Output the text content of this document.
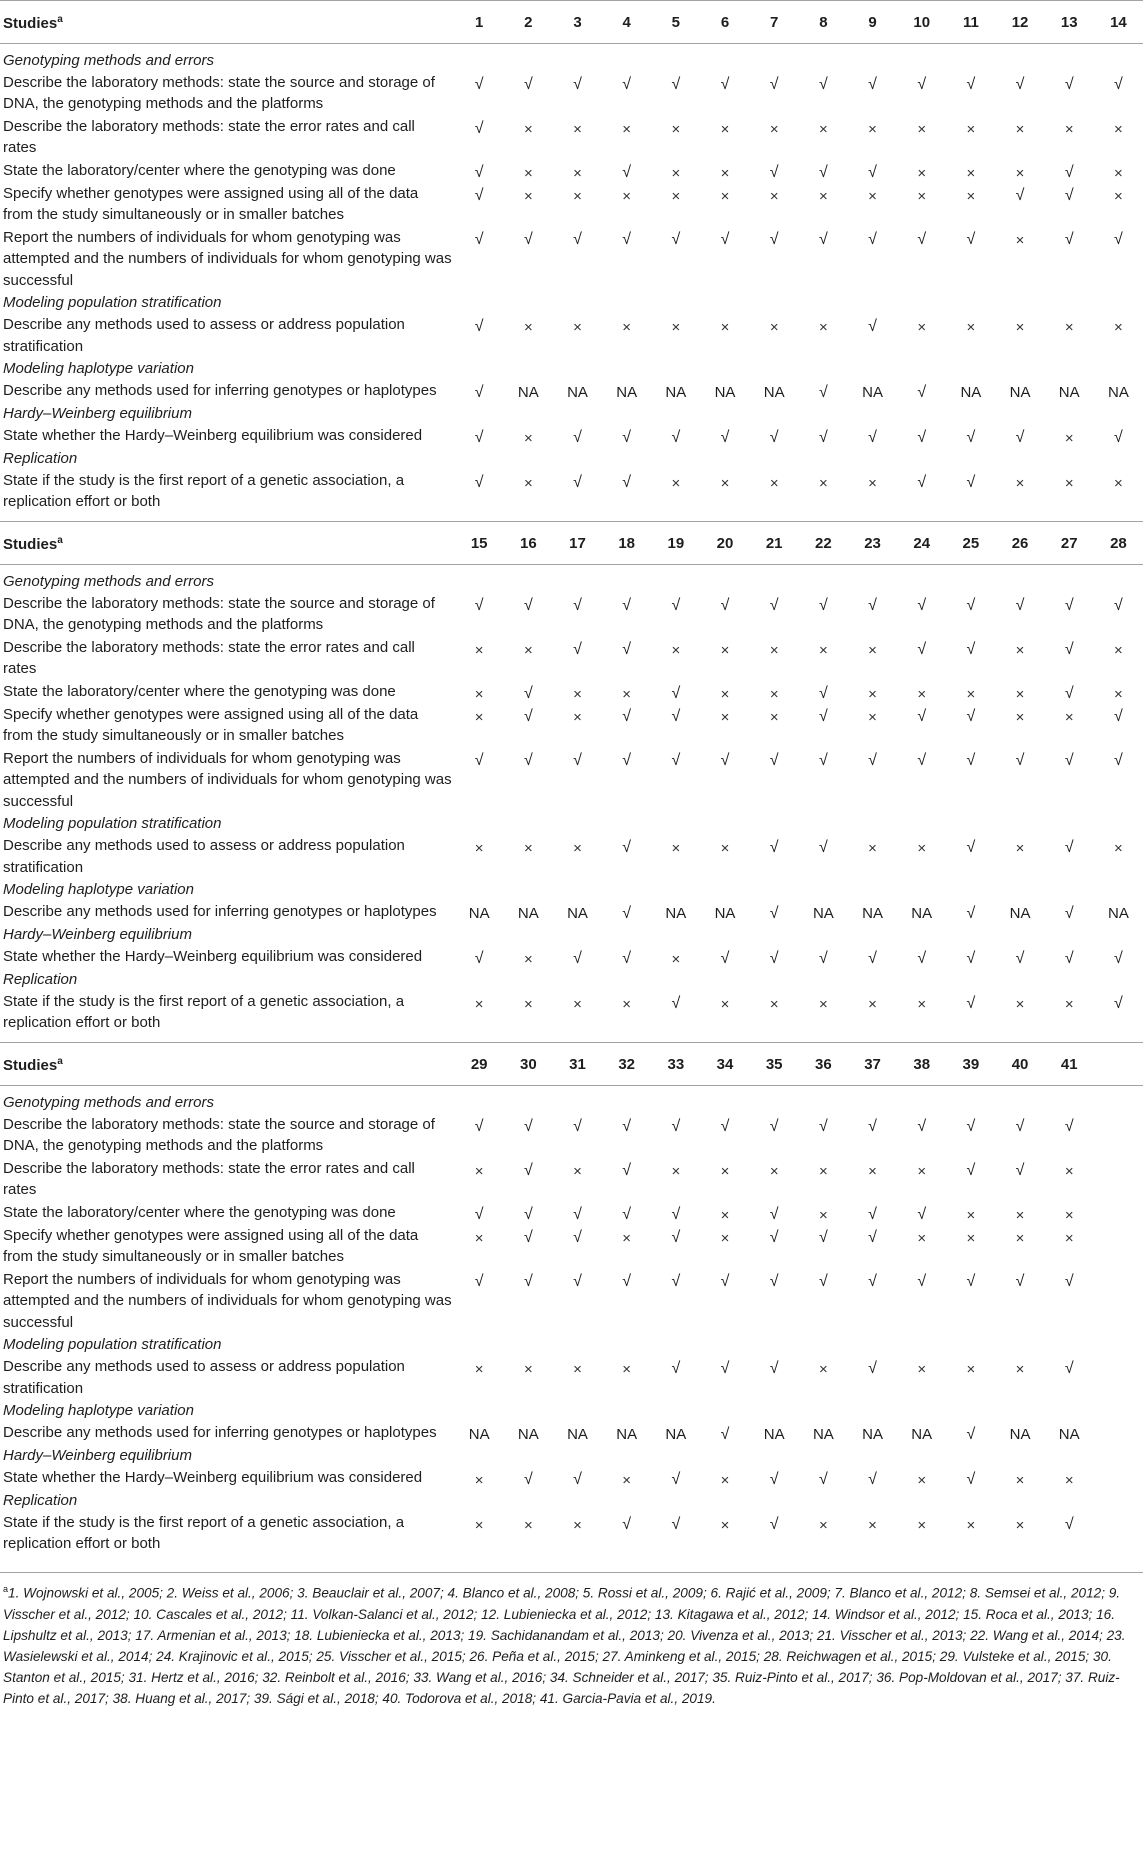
Studies$^a$	1	2	3	4	5	6	7	8	9	10	11	12	13	14

Genotyping methods and errors														
Describe the laboratory methods: state the source and storage of DNA, the genotyping methods and the platforms	√	√	√	√	√	√	√	√	√	√	√	√	√	√
Describe the laboratory methods: state the error rates and call rates	√	×	×	×	×	×	×	×	×	×	×	×	×	×
State the laboratory/center where the genotyping was done	√	×	×	√	×	×	√	√	√	×	×	×	√	×
Specify whether genotypes were assigned using all of the data from the study simultaneously or in smaller batches	√	×	×	×	×	×	×	×	×	×	×	√	√	×
Report the numbers of individuals for whom genotyping was attempted and the numbers of individuals for whom genotyping was successful	√	√	√	√	√	√	√	√	√	√	√	×	√	√
Modeling population stratification														
Describe any methods used to assess or address population stratification	√	×	×	×	×	×	×	×	√	×	×	×	×	×
Modeling haplotype variation														
Describe any methods used for inferring genotypes or haplotypes	√	NA	NA	NA	NA	NA	NA	√	NA	√	NA	NA	NA	NA
Hardy–Weinberg equilibrium														
State whether the Hardy–Weinberg equilibrium was considered	√	×	√	√	√	√	√	√	√	√	√	√	×	√
Replication														
State if the study is the first report of a genetic association, a replication effort or both	√	×	√	√	×	×	×	×	×	√	√	×	×	×

Studies$^a$	15	16	17	18	19	20	21	22	23	24	25	26	27	28

Genotyping methods and errors														
Describe the laboratory methods: state the source and storage of DNA, the genotyping methods and the platforms	√	√	√	√	√	√	√	√	√	√	√	√	√	√
Describe the laboratory methods: state the error rates and call rates	×	×	√	√	×	×	×	×	×	√	√	×	√	×
State the laboratory/center where the genotyping was done	×	√	×	×	√	×	×	√	×	×	×	×	√	×
Specify whether genotypes were assigned using all of the data from the study simultaneously or in smaller batches	×	√	×	√	√	×	×	√	×	√	√	×	×	√
Report the numbers of individuals for whom genotyping was attempted and the numbers of individuals for whom genotyping was successful	√	√	√	√	√	√	√	√	√	√	√	√	√	√
Modeling population stratification														
Describe any methods used to assess or address population stratification	×	×	×	√	×	×	√	√	×	×	√	×	√	×
Modeling haplotype variation														
Describe any methods used for inferring genotypes or haplotypes	NA	NA	NA	√	NA	NA	√	NA	NA	NA	√	NA	√	NA
Hardy–Weinberg equilibrium														
State whether the Hardy–Weinberg equilibrium was considered	√	×	√	√	×	√	√	√	√	√	√	√	√	√
Replication														
State if the study is the first report of a genetic association, a replication effort or both	×	×	×	×	√	×	×	×	×	×	√	×	×	√

Studies$^a$	29	30	31	32	33	34	35	36	37	38	39	40	41	

Genotyping methods and errors														
Describe the laboratory methods: state the source and storage of DNA, the genotyping methods and the platforms	√	√	√	√	√	√	√	√	√	√	√	√	√	
Describe the laboratory methods: state the error rates and call rates	×	√	×	√	×	×	×	×	×	×	√	√	×	
State the laboratory/center where the genotyping was done	√	√	√	√	√	×	√	×	√	√	×	×	×	
Specify whether genotypes were assigned using all of the data from the study simultaneously or in smaller batches	×	√	√	×	√	×	√	√	√	×	×	×	×	
Report the numbers of individuals for whom genotyping was attempted and the numbers of individuals for whom genotyping was successful	√	√	√	√	√	√	√	√	√	√	√	√	√	
Modeling population stratification														
Describe any methods used to assess or address population stratification	×	×	×	×	√	√	√	×	√	×	×	×	√	
Modeling haplotype variation														
Describe any methods used for inferring genotypes or haplotypes	NA	NA	NA	NA	NA	√	NA	NA	NA	NA	√	NA	NA	
Hardy–Weinberg equilibrium														
State whether the Hardy–Weinberg equilibrium was considered	×	√	√	×	√	×	√	√	√	×	√	×	×	
Replication														
State if the study is the first report of a genetic association, a replication effort or both	×	×	×	√	√	×	√	×	×	×	×	×	√	

$^a$1. Wojnowski et al., 2005; 2. Weiss et al., 2006; 3. Beauclair et al., 2007; 4. Blanco et al., 2008; 5. Rossi et al., 2009; 6. Rajić et al., 2009; 7. Blanco et al., 2012; 8. Semsei et al., 2012; 9. Visscher et al., 2012; 10. Cascales et al., 2012; 11. Volkan-Salanci et al., 2012; 12. Lubieniecka et al., 2012; 13. Kitagawa et al., 2012; 14. Windsor et al., 2012; 15. Roca et al., 2013; 16. Lipshultz et al., 2013; 17. Armenian et al., 2013; 18. Lubieniecka et al., 2013; 19. Sachidanandam et al., 2013; 20. Vivenza et al., 2013; 21. Visscher et al., 2013; 22. Wang et al., 2014; 23. Wasielewski et al., 2014; 24. Krajinovic et al., 2015; 25. Visscher et al., 2015; 26. Peña et al., 2015; 27. Aminkeng et al., 2015; 28. Reichwagen et al., 2015; 29. Vulsteke et al., 2015; 30. Stanton et al., 2015; 31. Hertz et al., 2016; 32. Reinbolt et al., 2016; 33. Wang et al., 2016; 34. Schneider et al., 2017; 35. Ruiz-Pinto et al., 2017; 36. Pop-Moldovan et al., 2017; 37. Ruiz-Pinto et al., 2017; 38. Huang et al., 2017; 39. Sági et al., 2018; 40. Todorova et al., 2018; 41. Garcia-Pavia et al., 2019.
